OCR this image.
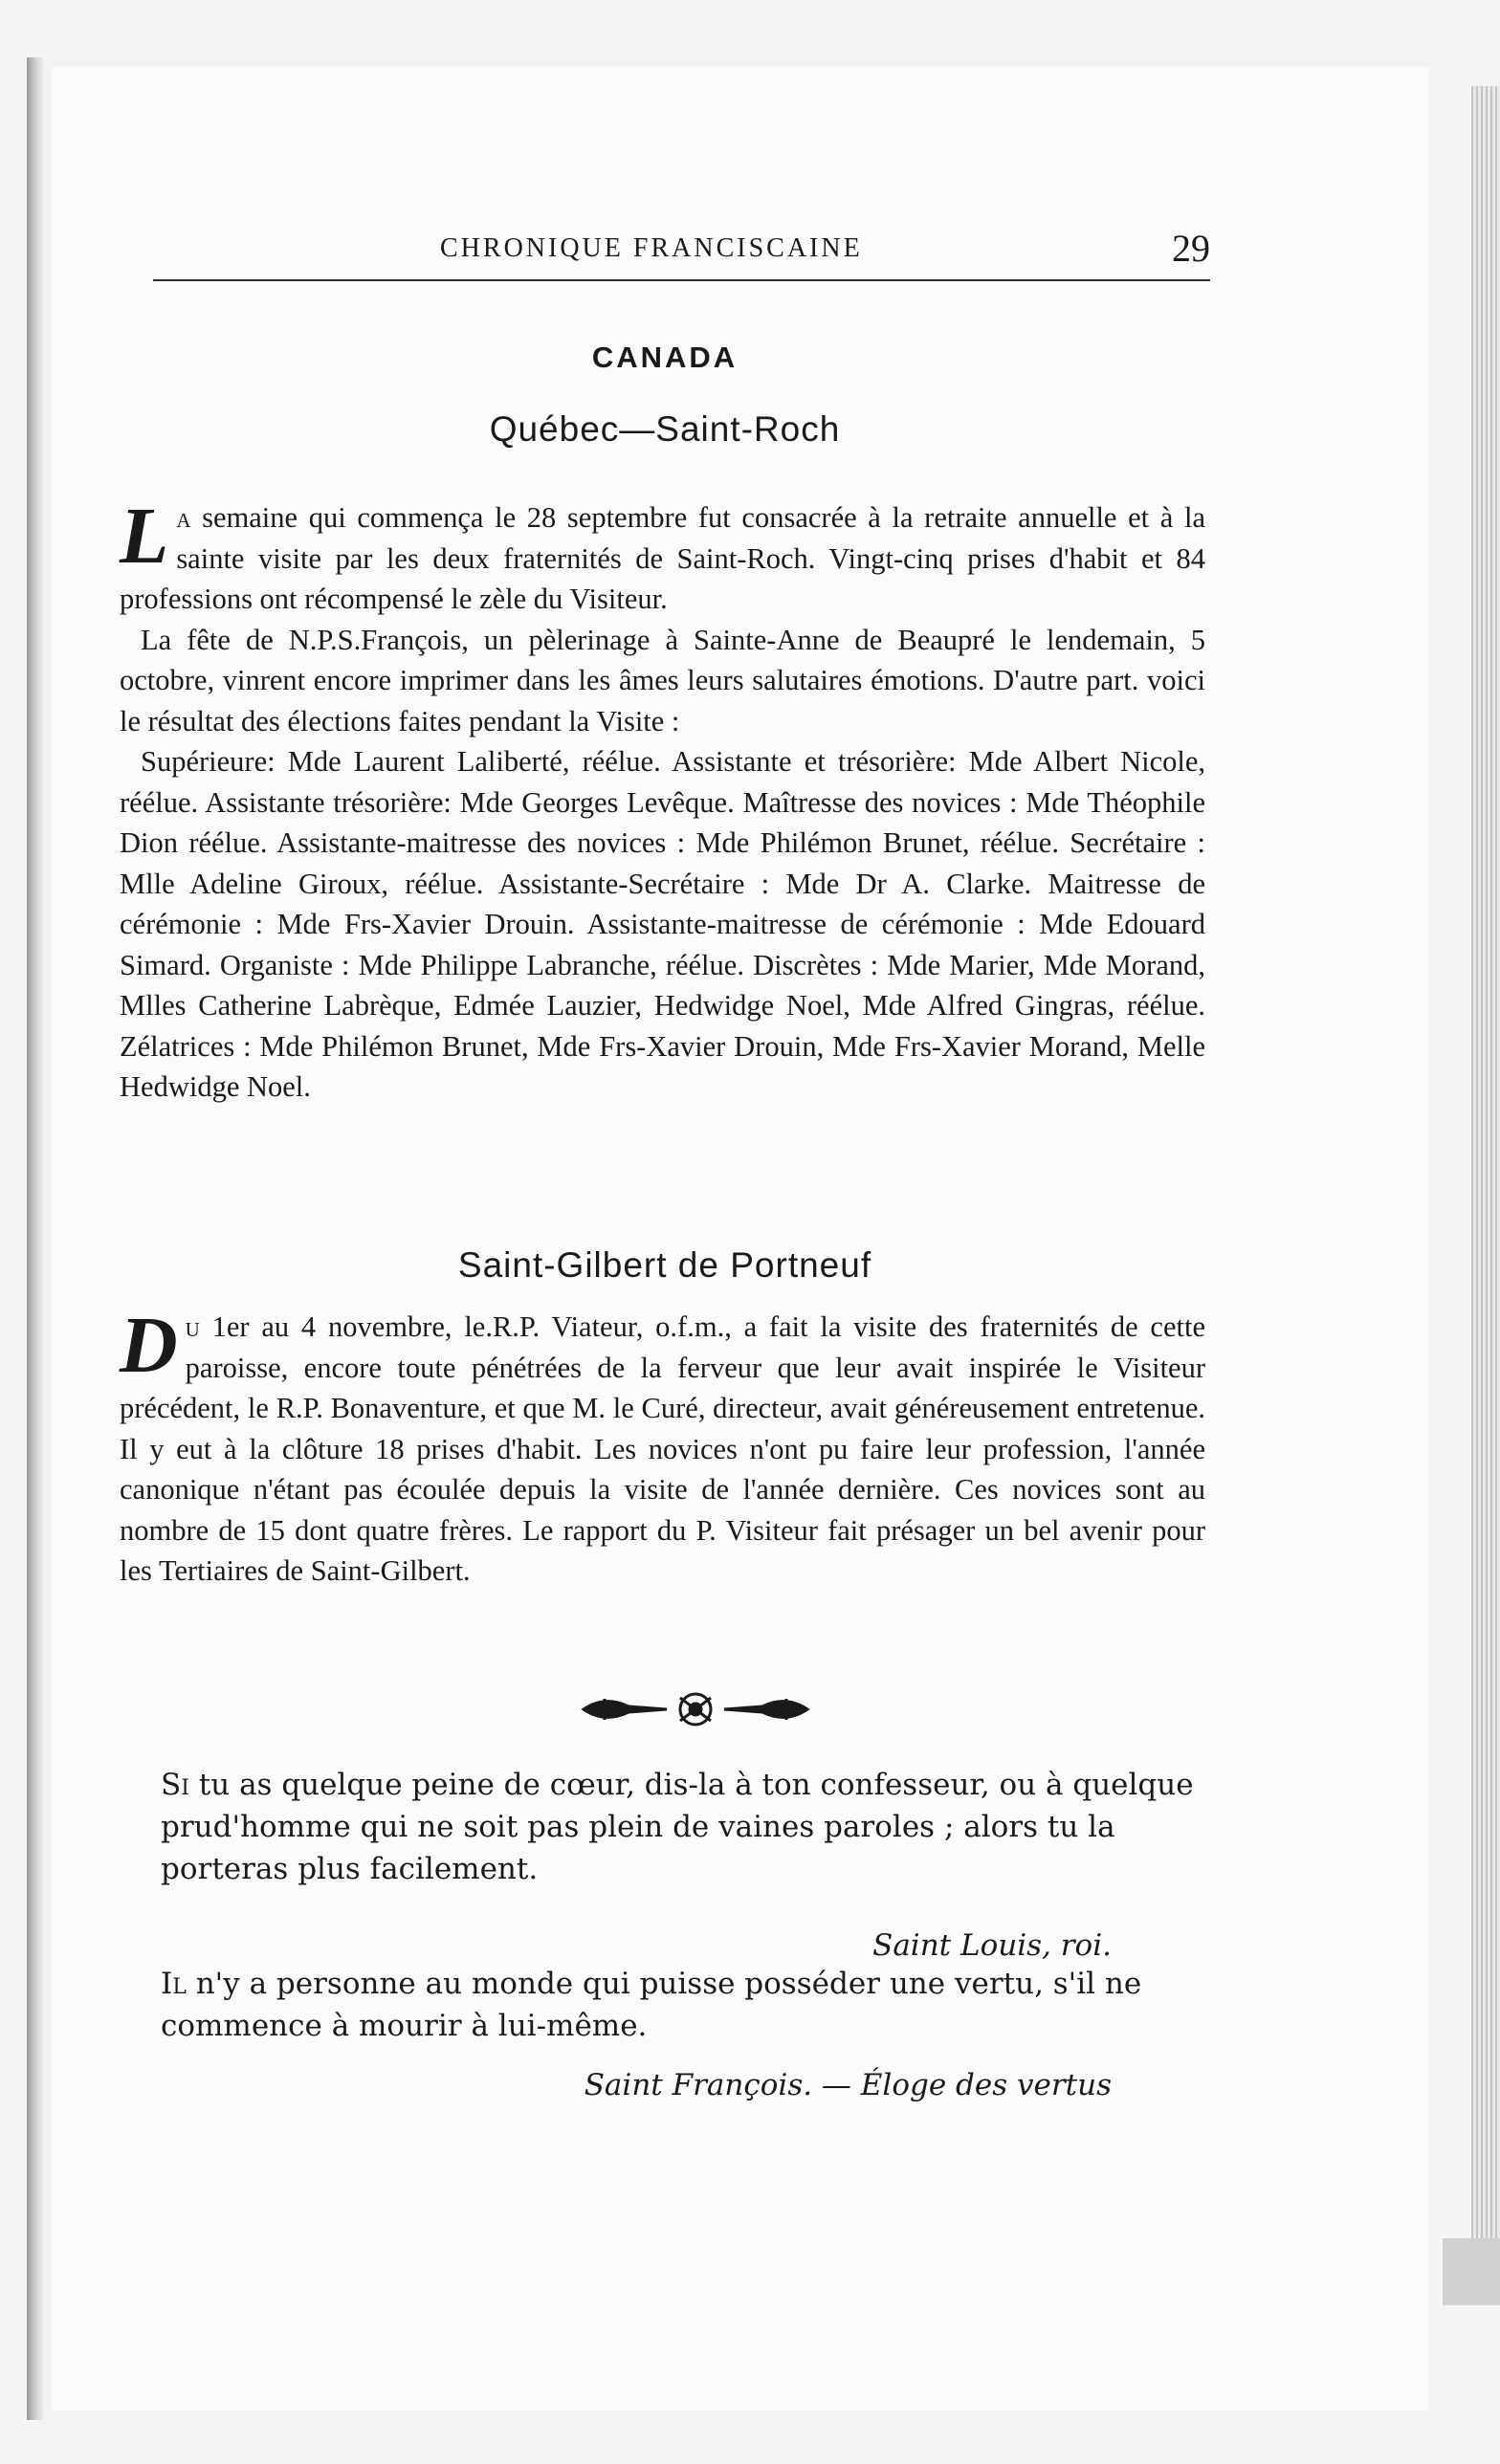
CHRONIQUE FRANCISCAINE	29
CANADA
Québec—Saint-Roch

La semaine qui commença le 28 septembre fut consacrée à la retraite annuelle et à la sainte visite par les deux fraternités de Saint-Roch. Vingt-cinq prises d'habit et 84 professions ont récompensé le zèle du Visiteur.

La fête de N.P.S.François, un pèlerinage à Sainte-Anne de Beaupré le lendemain, 5 octobre, vinrent encore imprimer dans les âmes leurs salutaires émotions. D'autre part. voici le résultat des élections faites pendant la Visite :

Supérieure: Mde Laurent Laliberté, réélue. Assistante et trésorière: Mde Albert Nicole, réélue. Assistante trésorière: Mde Georges Levêque. Maîtresse des novices : Mde Théophile Dion réélue. Assistante-maitresse des novices : Mde Philémon Brunet, réélue. Secrétaire : Mlle Adeline Giroux, réélue. Assistante-Secrétaire : Mde Dr A. Clarke. Maitresse de cérémonie : Mde Frs-Xavier Drouin. Assistante-maitresse de cérémonie : Mde Edouard Simard. Organiste : Mde Philippe Labranche, réélue. Discrètes : Mde Marier, Mde Morand, Mlles Catherine Labrèque, Edmée Lauzier, Hedwidge Noel, Mde Alfred Gingras, réélue. Zélatrices : Mde Philémon Brunet, Mde Frs-Xavier Drouin, Mde Frs-Xavier Morand, Melle Hedwidge Noel.

Saint-Gilbert de Portneuf

Du 1er au 4 novembre, le.R.P. Viateur, o.f.m., a fait la visite des fraternités de cette paroisse, encore toute pénétrées de la ferveur que leur avait inspirée le Visiteur précédent, le R.P. Bonaventure, et que M. le Curé, directeur, avait généreusement entretenue. Il y eut à la clôture 18 prises d'habit. Les novices n'ont pu faire leur profession, l'année canonique n'étant pas écoulée depuis la visite de l'année dernière. Ces novices sont au nombre de 15 dont quatre frères. Le rapport du P. Visiteur fait présager un bel avenir pour les Tertiaires de Saint-Gilbert.

Si tu as quelque peine de cœur, dis-la à ton confesseur, ou à quelque prud'homme qui ne soit pas plein de vaines paroles ; alors tu la porteras plus facilement.

Saint Louis, roi.

Il n'y a personne au monde qui puisse posséder une vertu, s'il ne commence à mourir à lui-même.

Saint François. — Éloge des vertus
